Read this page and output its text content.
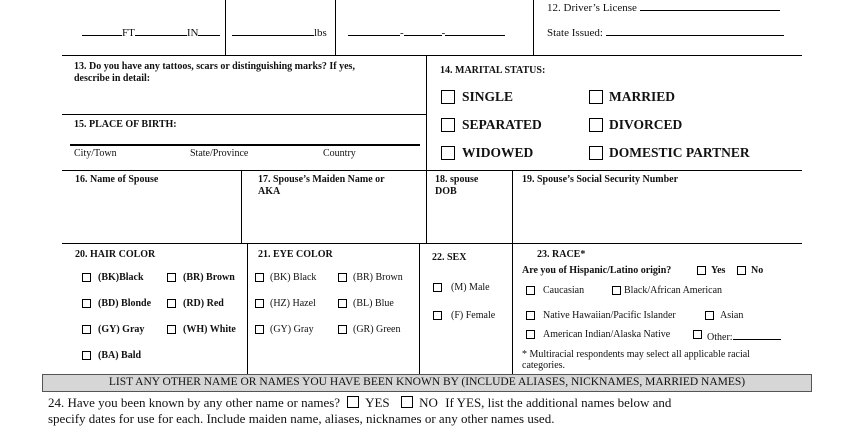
FT	IN	lbs	-	-
12. Driver’s License
State Issued:
13. Do you have any tattoos, scars or distinguishing marks? If yes,
describe in detail:
14. MARITAL STATUS:
SINGLE	MARRIED
SEPARATED	DIVORCED
WIDOWED	DOMESTIC PARTNER
15. PLACE OF BIRTH:
City/Town	State/Province	Country
16. Name of Spouse	17. Spouse’s Maiden Name or
AKA
18. spouse
DOB
19. Spouse’s Social Security Number
20. HAIR COLOR
(BK)Black	(BR) Brown
(BD) Blonde	(RD) Red
(GY) Gray	(WH) White
(BA) Bald
21. EYE COLOR
(BK) Black	(BR) Brown
(HZ) Hazel	(BL) Blue
(GY) Gray	(GR) Green
22. SEX
(M) Male
(F) Female
23. RACE*
Are you of Hispanic/Latino origin?	Yes	No
Caucasian	Black/African American
Native Hawaiian/Pacific Islander	Asian
American Indian/Alaska Native	Other:
* Multiracial respondents may select all applicable racial
categories.
LIST ANY OTHER NAME OR NAMES YOU HAVE BEEN KNOWN BY (INCLUDE ALIASES, NICKNAMES, MARRIED NAMES)
24. Have you been known by any other name or names? YES NO If YES, list the additional names below and
specify dates for use for each. Include maiden name, aliases, nicknames or any other names used.
